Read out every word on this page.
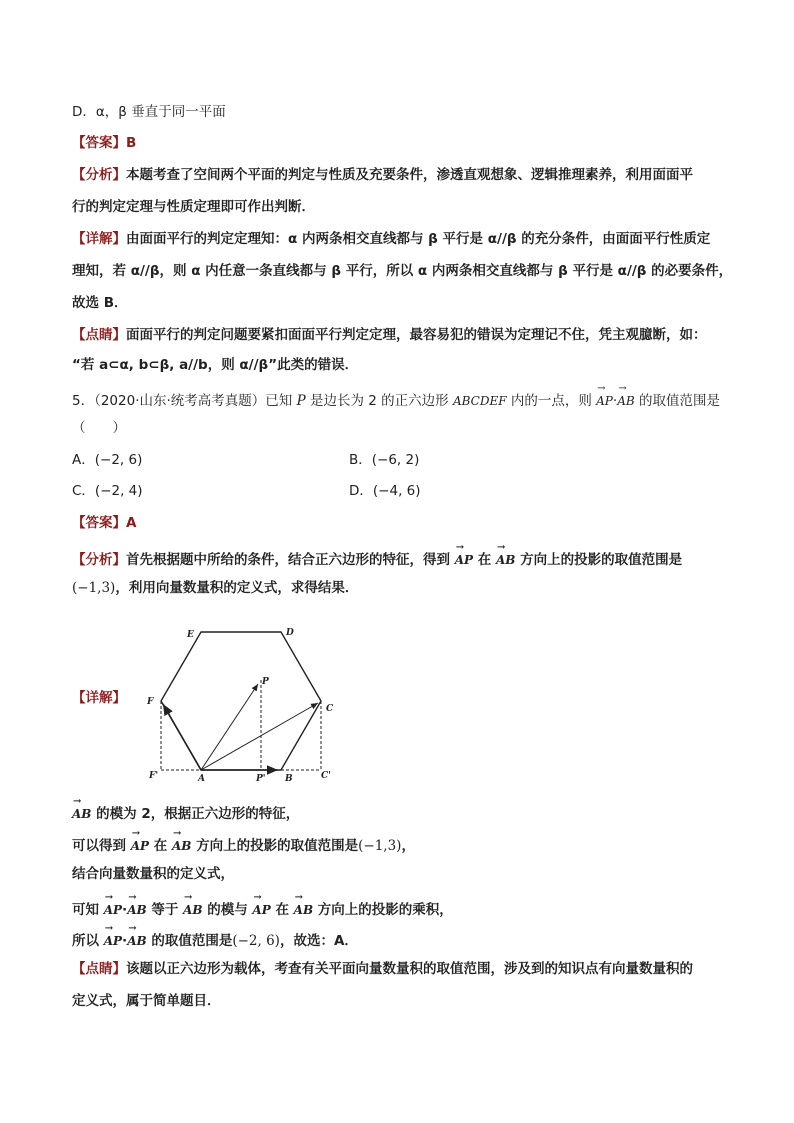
D．α，β 垂直于同一平面
【答案】B
【分析】本题考查了空间两个平面的判定与性质及充要条件，渗透直观想象、逻辑推理素养，利用面面平
行的判定定理与性质定理即可作出判断．
【详解】由面面平行的判定定理知：α 内两条相交直线都与 β 平行是 α//β 的充分条件，由面面平行性质定
理知，若 α//β，则 α 内任意一条直线都与 β 平行，所以 α 内两条相交直线都与 β 平行是 α//β 的必要条件，
故选 B．
【点睛】面面平行的判定问题要紧扣面面平行判定定理，最容易犯的错误为定理记不住，凭主观臆断，如：
“若 a⊂α, b⊂β, a//b，则 α//β”此类的错误．
5．（2020·山东·统考高考真题）已知 P 是边长为 2 的正六边形 ABCDEF 内的一点，则 → AP·→ AB 的取值范围是
（　　）
A．(−2, 6)	B．(−6, 2)
C．(−2, 4)	D．(−4, 6)
【答案】A
【分析】首先根据题中所给的条件，结合正六边形的特征，得到 → AP 在 → AB 方向上的投影的取值范围是
(−1,3)，利用向量数量积的定义式，求得结果．
【详解】
E	D
P
F
C
F'	A	P' B	C'
→ AB 的模为 2，根据正六边形的特征，
可以得到 → AP 在 → AB 方向上的投影的取值范围是(−1,3)，
结合向量数量积的定义式，
可知 → AP·→ AB 等于 → AB 的模与 → AP 在 → AB 方向上的投影的乘积，
所以 → AP·→ AB 的取值范围是(−2, 6)，故选：A．
【点睛】该题以正六边形为载体，考查有关平面向量数量积的取值范围，涉及到的知识点有向量数量积的
定义式，属于简单题目．
